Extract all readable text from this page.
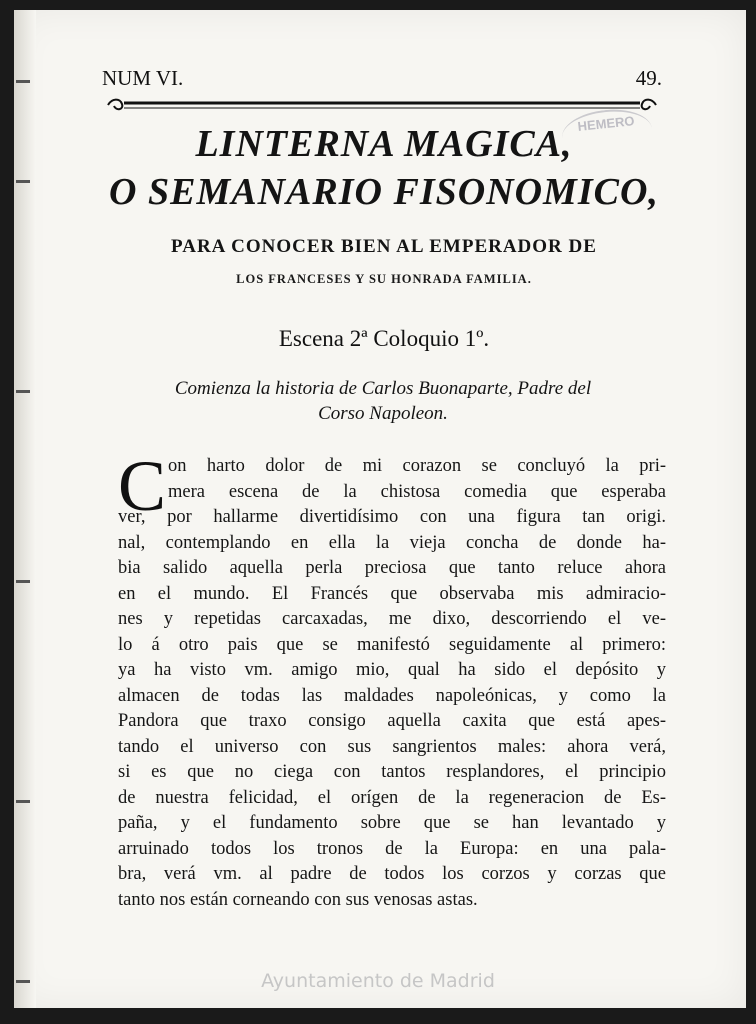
NUM VI.	49.
HEMERO
LINTERNA MAGICA,
O SEMANARIO FISONOMICO,
PARA CONOCER BIEN AL EMPERADOR DE
LOS FRANCESES Y SU HONRADA FAMILIA.
Escena 2ª Coloquio 1º.
Comienza la historia de Carlos Buonaparte, Padre del
Corso Napoleon.
C on harto dolor de mi corazon se concluyó la pri-
mera escena de la chistosa comedia que esperaba
ver, por hallarme divertidísimo con una figura tan origi.
nal, contemplando en ella la vieja concha de donde ha-
bia salido aquella perla preciosa que tanto reluce ahora
en el mundo. El Francés que observaba mis admiracio-
nes y repetidas carcaxadas, me dixo, descorriendo el ve-
lo á otro pais que se manifestó seguidamente al primero:
ya ha visto vm. amigo mio, qual ha sido el depósito y
almacen de todas las maldades napoleónicas, y como la
Pandora que traxo consigo aquella caxita que está apes-
tando el universo con sus sangrientos males: ahora verá,
si es que no ciega con tantos resplandores, el principio
de nuestra felicidad, el orígen de la regeneracion de Es-
paña, y el fundamento sobre que se han levantado y
arruinado todos los tronos de la Europa: en una pala-
bra, verá vm. al padre de todos los corzos y corzas que
tanto nos están corneando con sus venosas astas.
Ayuntamiento de Madrid
